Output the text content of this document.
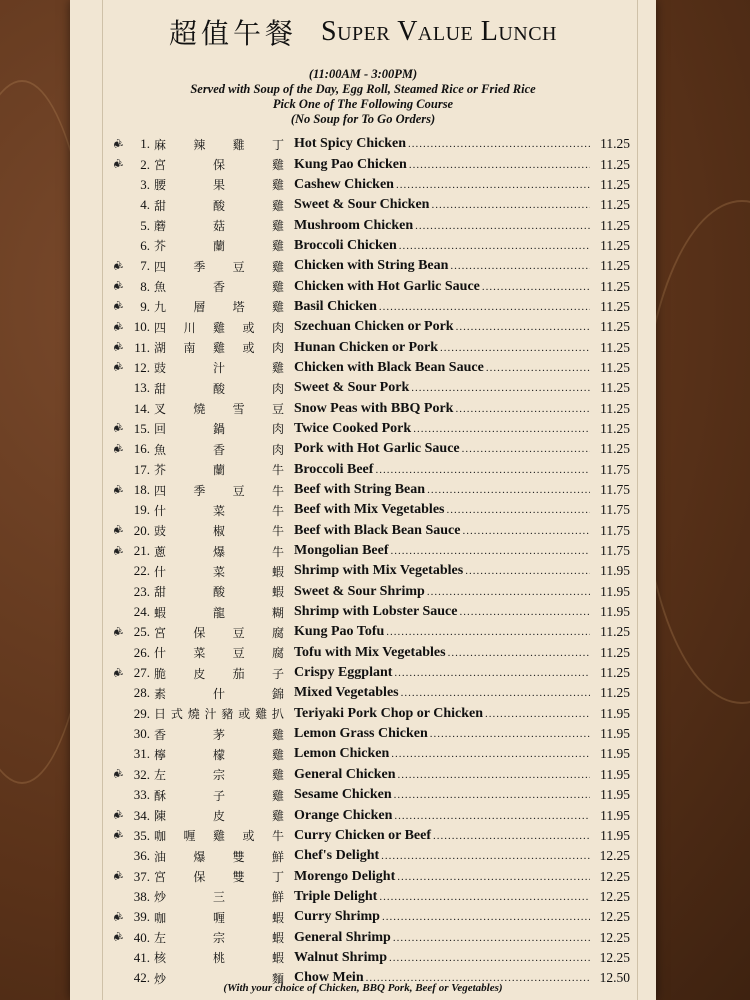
超值午餐 Super Value Lunch
(11:00AM - 3:00PM)
Served with Soup of the Day, Egg Roll, Steamed Rice or Fried Rice
Pick One of The Following Course
(No Soup for To Go Orders)
❦	1. 麻 辣 雞 丁 Hot Spicy Chicken .....	11.25
❦	2. 宮	保	雞 Kung Pao Chicken .....	11.25
3. 腰	果	雞 Cashew Chicken .....	11.25
4. 甜	酸	雞 Sweet & Sour Chicken .....	11.25
5. 蘑	菇	雞 Mushroom Chicken .....	11.25
6. 芥	蘭	雞 Broccoli Chicken .....	11.25
❦	7. 四 季 豆 雞 Chicken with String Bean .....	11.25
❦	8. 魚	香	雞 Chicken with Hot Garlic Sauce .....	11.25
❦	9. 九 層 塔 雞 Basil Chicken .....	11.25
❦ 10. 四 川 雞 或 肉 Szechuan Chicken or Pork .....	11.25
❦ 11. 湖 南 雞 或 肉 Hunan Chicken or Pork .....	11.25
❦ 12. 豉	汁	雞 Chicken with Black Bean Sauce .....	11.25
13. 甜	酸	肉 Sweet & Sour Pork .....	11.25
14. 叉 燒 雪 豆 Snow Peas with BBQ Pork .....	11.25
❦ 15. 回	鍋	肉 Twice Cooked Pork .....	11.25
❦ 16. 魚	香	肉 Pork with Hot Garlic Sauce .....	11.25
17. 芥	蘭	牛 Broccoli Beef .....	11.75
❦ 18. 四 季 豆 牛 Beef with String Bean .....	11.75
19. 什	菜	牛 Beef with Mix Vegetables .....	11.75
❦ 20. 豉	椒	牛 Beef with Black Bean Sauce .....	11.75
❦ 21. 蔥	爆	牛 Mongolian Beef .....	11.75
22. 什	菜	蝦 Shrimp with Mix Vegetables .....	11.95
23. 甜	酸	蝦 Sweet & Sour Shrimp .....	11.95
24. 蝦	龍	糊 Shrimp with Lobster Sauce .....	11.95
❦ 25. 宮 保 豆 腐 Kung Pao Tofu .....	11.25
26. 什 菜 豆 腐 Tofu with Mix Vegetables .....	11.25
❦ 27. 脆 皮 茄 子 Crispy Eggplant .....	11.25
28. 素	什	錦 Mixed Vegetables .....	11.25
29. 日 式 燒 汁 豬 或 雞 扒 Teriyaki Pork Chop or Chicken .....	11.95
30. 香	茅	雞 Lemon Grass Chicken .....	11.95
31. 檸	檬	雞 Lemon Chicken .....	11.95
❦ 32. 左	宗	雞 General Chicken .....	11.95
33. 酥	子	雞 Sesame Chicken .....	11.95
❦ 34. 陳	皮	雞 Orange Chicken .....	11.95
❦ 35. 咖 喱 雞 或 牛 Curry Chicken or Beef .....	11.95
36. 油 爆 雙 鮮 Chef's Delight .....	12.25
❦ 37. 宮 保 雙 丁 Morengo Delight .....	12.25
38. 炒	三	鮮 Triple Delight .....	12.25
❦ 39. 咖	喱	蝦 Curry Shrimp .....	12.25
❦ 40. 左	宗	蝦 General Shrimp .....	12.25
41. 核	桃	蝦 Walnut Shrimp .....	12.25
42. 炒	麵 Chow Mein .....	12.50
(With your choice of Chicken, BBQ Pork, Beef or Vegetables)
